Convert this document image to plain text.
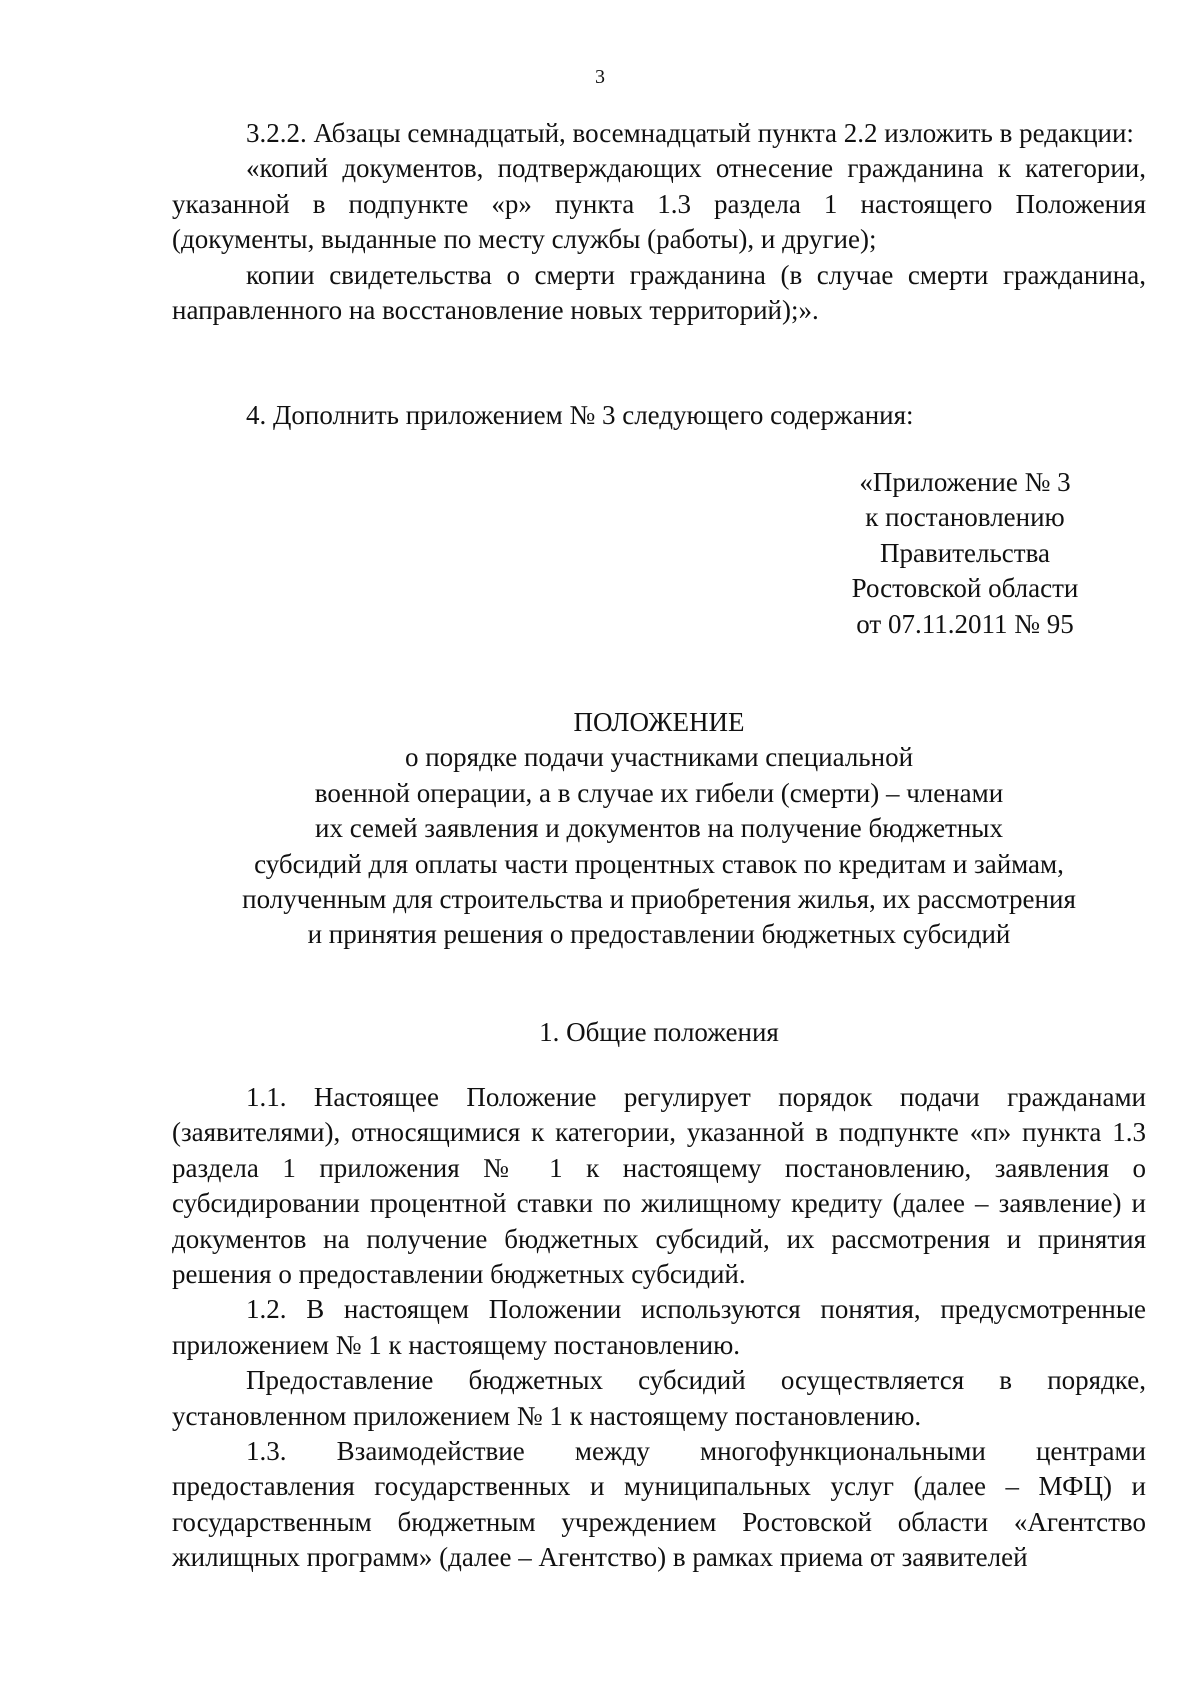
3

3.2.2. Абзацы семнадцатый, восемнадцатый пункта 2.2 изложить в редакции:

«копий документов, подтверждающих отнесение гражданина к категории, указанной в подпункте «р» пункта 1.3 раздела 1 настоящего Положения (документы, выданные по месту службы (работы), и другие);

копии свидетельства о смерти гражданина (в случае смерти гражданина, направленного на восстановление новых территорий);».

4. Дополнить приложением № 3 следующего содержания:

«Приложение № 3
к постановлению
Правительства
Ростовской области
от 07.11.2011 № 95
ПОЛОЖЕНИЕ
о порядке подачи участниками специальной
военной операции, а в случае их гибели (смерти) – членами
их семей заявления и документов на получение бюджетных
субсидий для оплаты части процентных ставок по кредитам и займам,
полученным для строительства и приобретения жилья, их рассмотрения
и принятия решения о предоставлении бюджетных субсидий
1. Общие положения

1.1. Настоящее Положение регулирует порядок подачи гражданами (заявителями), относящимися к категории, указанной в подпункте «п» пункта 1.3 раздела 1 приложения № 1 к настоящему постановлению, заявления о субсидировании процентной ставки по жилищному кредиту (далее – заявление) и документов на получение бюджетных субсидий, их рассмотрения и принятия решения о предоставлении бюджетных субсидий.

1.2. В настоящем Положении используются понятия, предусмотренные приложением № 1 к настоящему постановлению.

Предоставление бюджетных субсидий осуществляется в порядке, установленном приложением № 1 к настоящему постановлению.

1.3. Взаимодействие между многофункциональными центрами предоставления государственных и муниципальных услуг (далее – МФЦ) и государственным бюджетным учреждением Ростовской области «Агентство жилищных программ» (далее – Агентство) в рамках приема от заявителей
